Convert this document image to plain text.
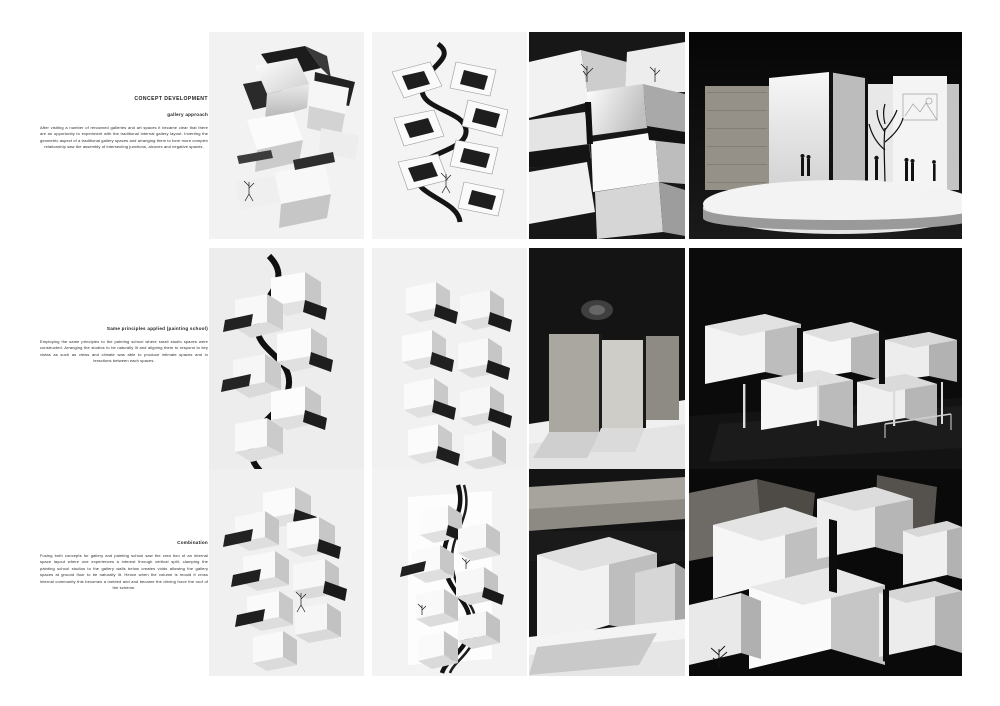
CONCEPT DEVELOPMENT
gallery approach

After visiting a number of renowned galleries and art spaces it became clear that there are an opportunity to experiment with the traditional internal gallery layout. Inverting the geometric aspect of a traditional gallery spaces and arranging them to form more complex relationship saw the assembly of intersecting junctions, alcoves and negative spaces.

Same principles applied (painting school)

Employing the same principles to the painting school where small studio spaces were constructed. Arranging the studios to be naturally lit and aligning them to respond to key vistas as such as views and climate was able to produce intimate spaces and in teractions between each spaces.

Combination

Fusing both concepts for gallery and painting school saw the crea tion of an internal space layout where one experiences a interest through vertical split, clamping the painting school studios to the gallery walls below creates voids allowing the gallery spaces at ground floor to be naturally lit. Hence when the volume is mould it cross internal community this becomes a melded and and became the driving force the roof of the scheme.
